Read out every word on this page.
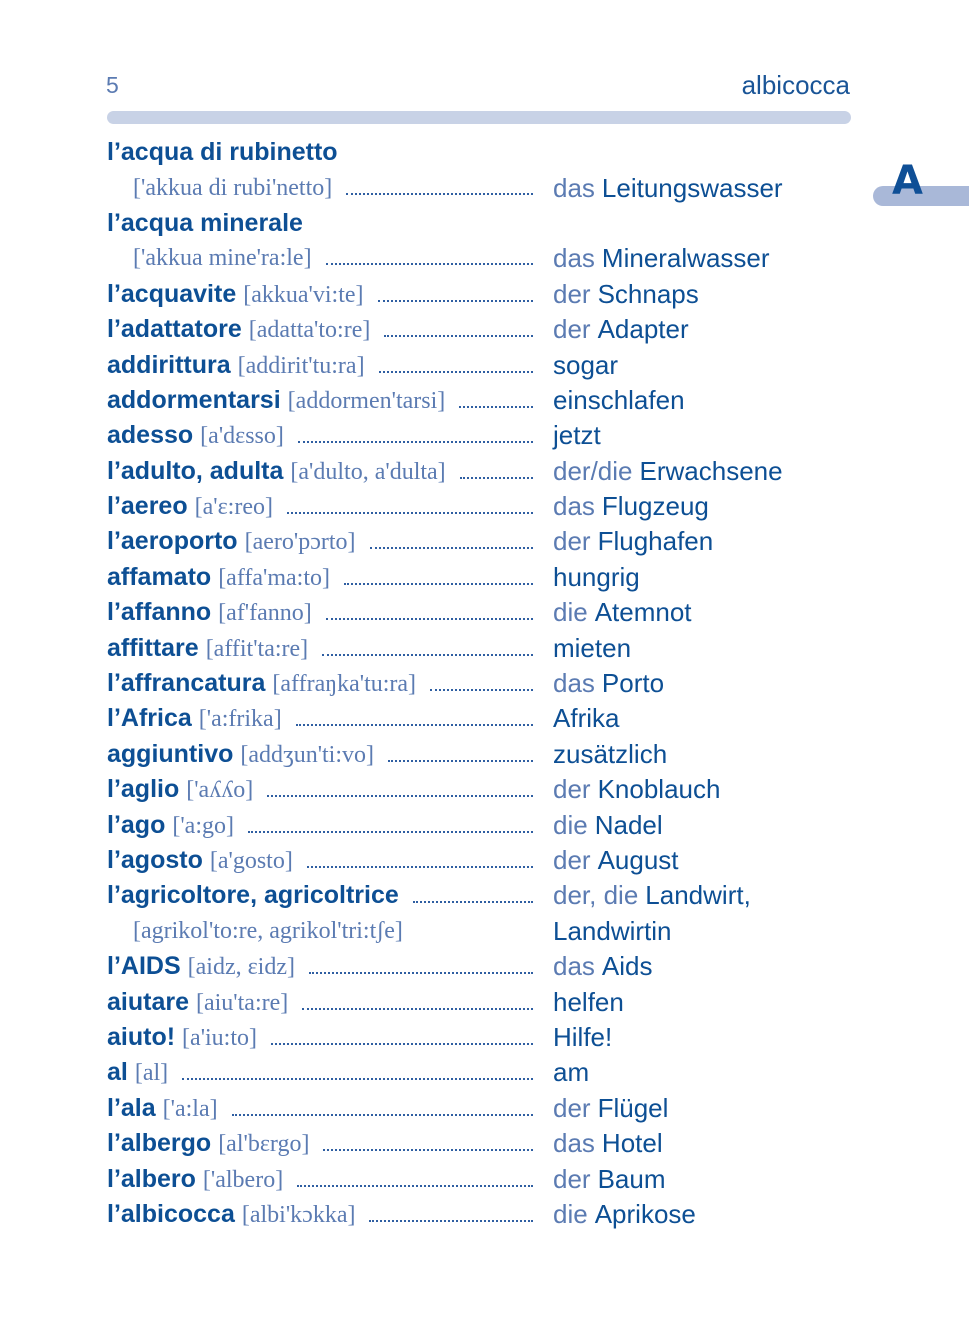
5	albicocca
A
l’acqua di rubinetto
['akkua di rubi'netto]	das Leitungswasser
l’acqua minerale
['akkua mine'ra:le]	das Mineralwasser
l’acquavite [akkua'vi:te]	der Schnaps
l’adattatore [adatta'to:re]	der Adapter
addirittura [addirit'tu:ra]	sogar
addormentarsi [addormen'tarsi]	einschlafen
adesso [a'dɛsso]	jetzt
l’adulto, adulta [a'dulto, a'dulta]	der/die Erwachsene
l’aereo [a'ɛ:reo]	das Flugzeug
l’aeroporto [aero'pɔrto]	der Flughafen
affamato [affa'ma:to]	hungrig
l’affanno [af'fanno]	die Atemnot
affittare [affit'ta:re]	mieten
l’affrancatura [affraŋka'tu:ra]	das Porto
l’Africa ['a:frika]	Afrika
aggiuntivo [addʒun'ti:vo]	zusätzlich
l’aglio ['aʎʎo]	der Knoblauch
l’ago ['a:go]	die Nadel
l’agosto [a'gosto]	der August
l’agricoltore, agricoltrice	der, die Landwirt,
[agrikol'to:re, agrikol'tri:tʃe]	Landwirtin
l’AIDS [aidz, ɛidz]	das Aids
aiutare [aiu'ta:re]	helfen
aiuto! [a'iu:to]	Hilfe!
al [al]	am
l’ala ['a:la]	der Flügel
l’albergo [al'bɛrgo]	das Hotel
l’albero ['albero]	der Baum
l’albicocca [albi'kɔkka]	die Aprikose
